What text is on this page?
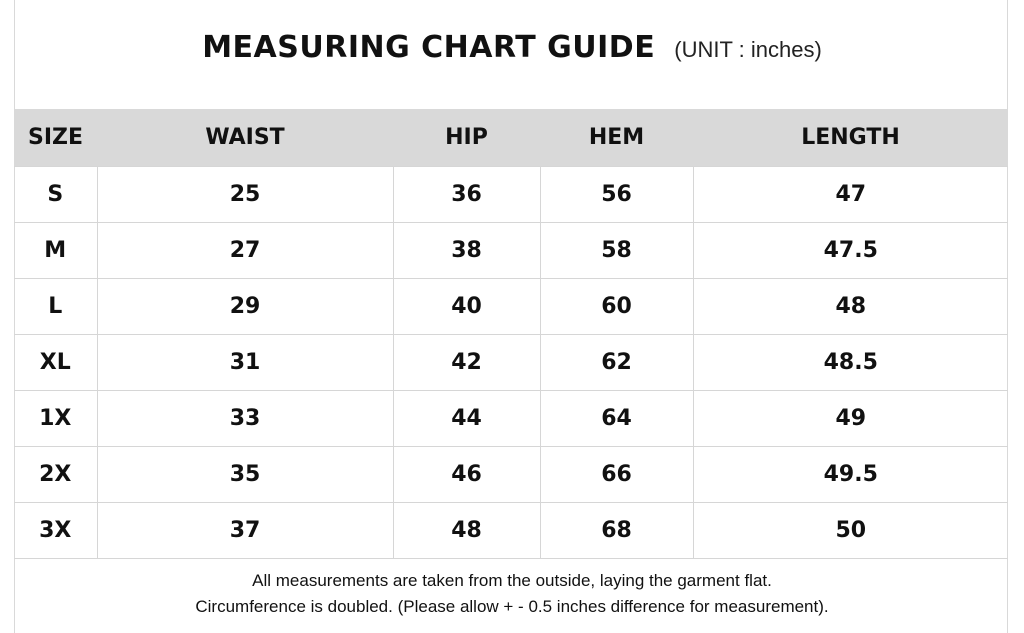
MEASURING CHART GUIDE (UNIT : inches)
SIZE	WAIST	HIP	HEM	LENGTH
S	25	36	56	47
M	27	38	58	47.5
L	29	40	60	48
XL	31	42	62	48.5
1X	33	44	64	49
2X	35	46	66	49.5
3X	37	48	68	50
All measurements are taken from the outside, laying the garment flat.
Circumference is doubled. (Please allow + - 0.5 inches difference for measurement).
